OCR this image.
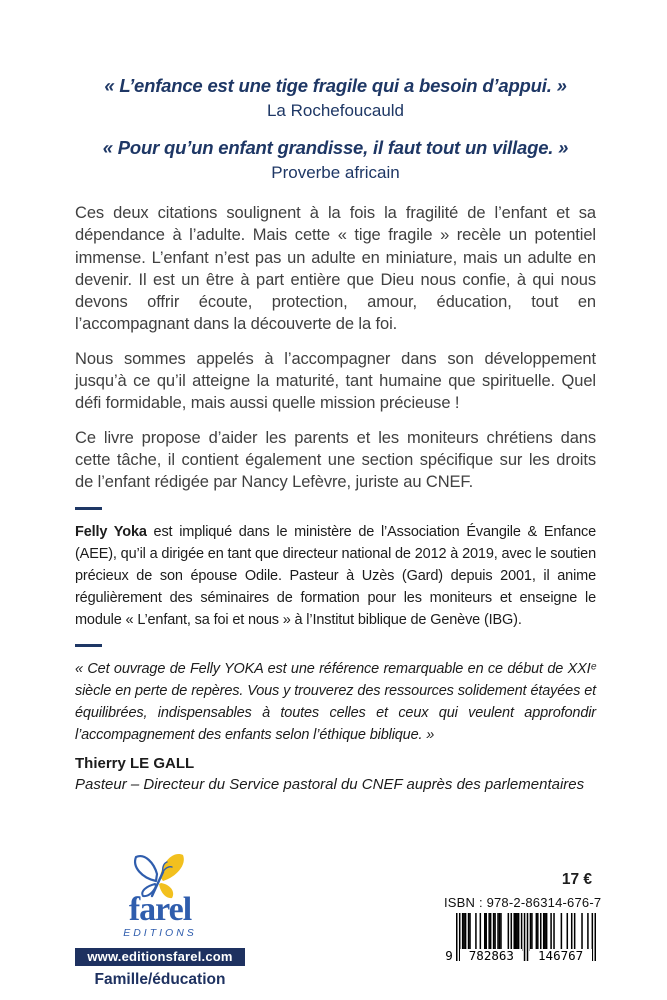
« L’enfance est une tige fragile qui a besoin d’appui. »

La Rochefoucauld

« Pour qu’un enfant grandisse, il faut tout un village. »

Proverbe africain

Ces deux citations soulignent à la fois la fragilité de l’enfant et sa dépendance à l’adulte. Mais cette « tige fragile » recèle un potentiel immense. L’enfant n’est pas un adulte en miniature, mais un adulte en devenir. Il est un être à part entière que Dieu nous confie, à qui nous devons offrir écoute, protection, amour, éducation, tout en l’accompagnant dans la découverte de la foi.

Nous sommes appelés à l’accompagner dans son développement jusqu’à ce qu’il atteigne la maturité, tant humaine que spirituelle. Quel défi formidable, mais aussi quelle mission précieuse !

Ce livre propose d’aider les parents et les moniteurs chrétiens dans cette tâche, il contient également une section spécifique sur les droits de l’enfant rédigée par Nancy Lefèvre, juriste au CNEF.

Felly Yoka est impliqué dans le ministère de l’Association Évangile & Enfance (AEE), qu’il a dirigée en tant que directeur national de 2012 à 2019, avec le soutien précieux de son épouse Odile. Pasteur à Uzès (Gard) depuis 2001, il anime régulièrement des séminaires de formation pour les moniteurs et enseigne le module « L’enfant, sa foi et nous » à l’Institut biblique de Genève (IBG).

« Cet ouvrage de Felly YOKA est une référence remarquable en ce début de XXIᵉ siècle en perte de repères. Vous y trouverez des ressources solidement étayées et équilibrées, indispensables à toutes celles et ceux qui veulent approfondir l’accompagnement des enfants selon l’éthique biblique. »

Thierry LE GALL

Pasteur – Directeur du Service pastoral du CNEF auprès des parlementaires

farel
EDITIONS
www.editionsfarel.com
Famille/éducation
17 €
ISBN : 978-2-86314-676-7
9	782863	146767
